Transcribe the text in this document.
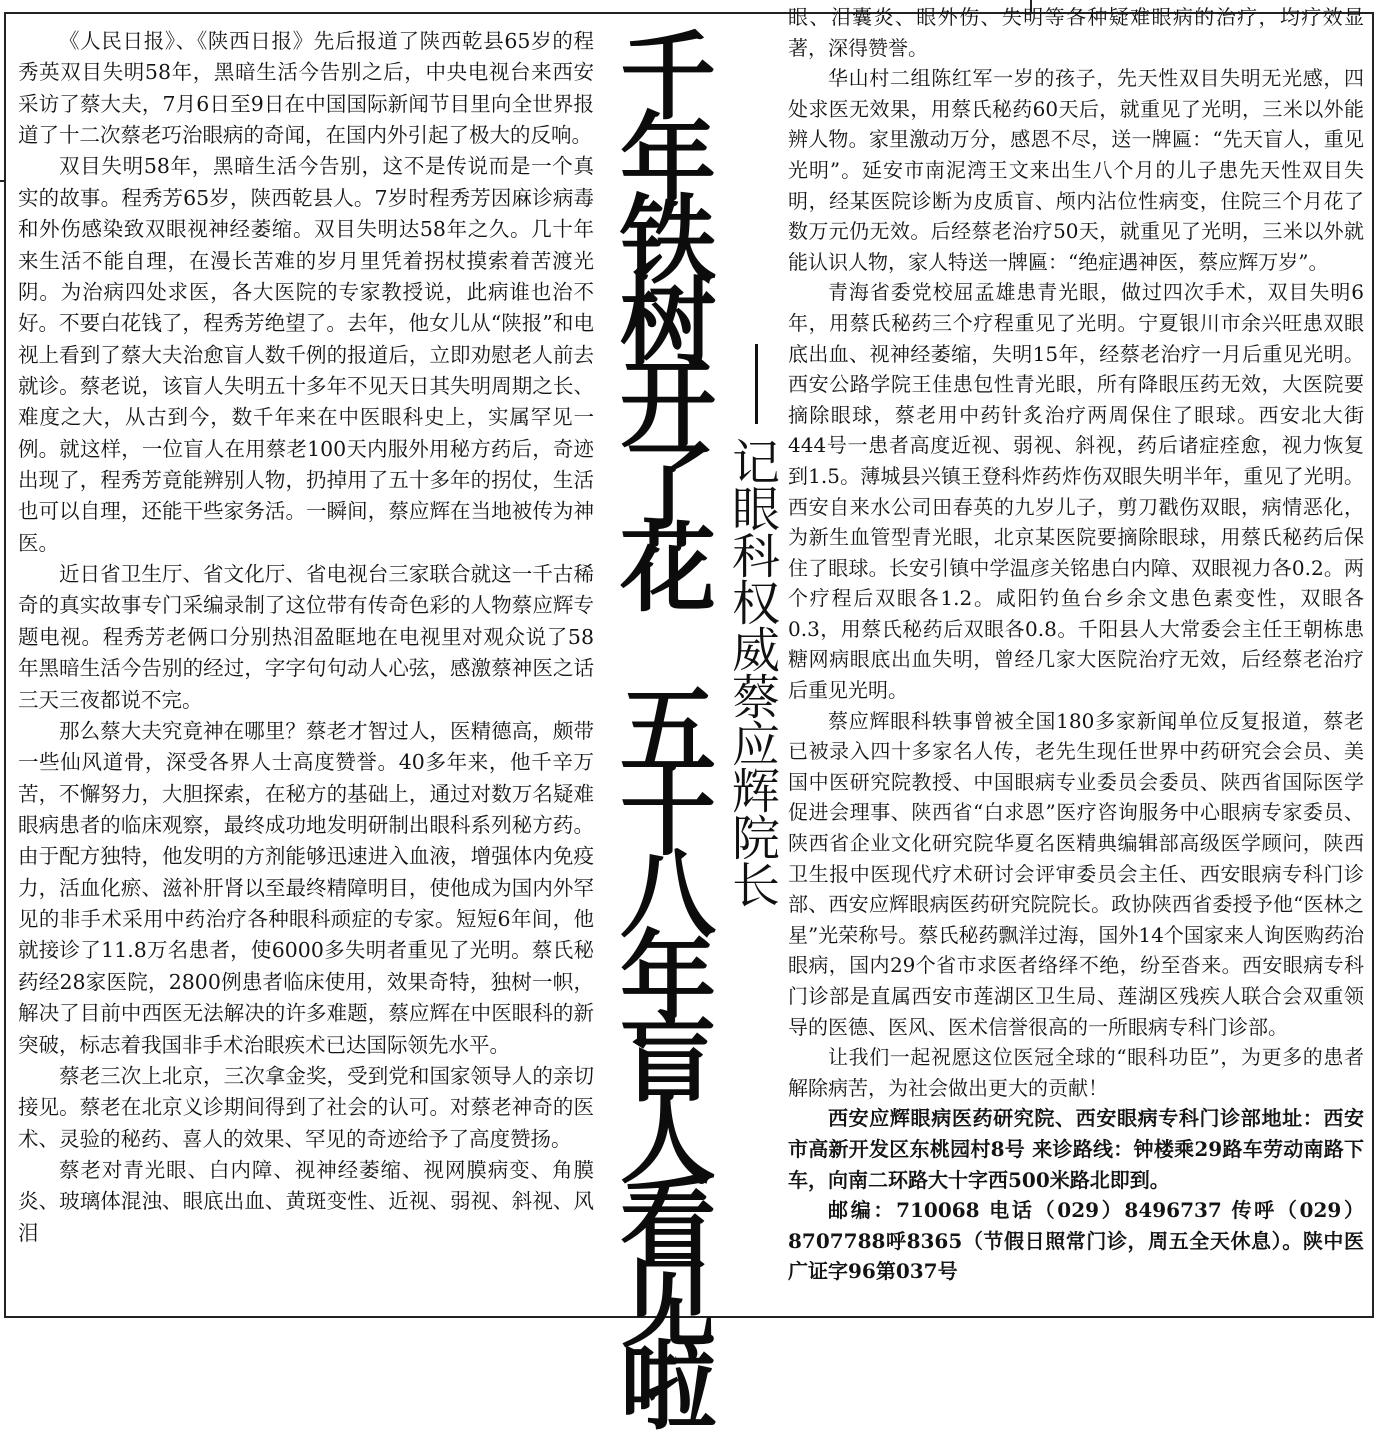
《人民日报》、《陕西日报》先后报道了陕西乾县65岁的程秀英双目失明58年，黑暗生活今告别之后，中央电视台来西安采访了蔡大夫，7月6日至9日在中国国际新闻节目里向全世界报道了十二次蔡老巧治眼病的奇闻，在国内外引起了极大的反响。

双目失明58年，黑暗生活今告别，这不是传说而是一个真实的故事。程秀芳65岁，陕西乾县人。7岁时程秀芳因麻诊病毒和外伤感染致双眼视神经萎缩。双目失明达58年之久。几十年来生活不能自理，在漫长苦难的岁月里凭着拐杖摸索着苦渡光阴。为治病四处求医，各大医院的专家教授说，此病谁也治不好。不要白花钱了，程秀芳绝望了。去年，他女儿从“陕报”和电视上看到了蔡大夫治愈盲人数千例的报道后，立即劝慰老人前去就诊。蔡老说，该盲人失明五十多年不见天日其失明周期之长、难度之大，从古到今，数千年来在中医眼科史上，实属罕见一例。就这样，一位盲人在用蔡老100天内服外用秘方药后，奇迹出现了，程秀芳竟能辨别人物，扔掉用了五十多年的拐仗，生活也可以自理，还能干些家务活。一瞬间，蔡应辉在当地被传为神医。

近日省卫生厅、省文化厅、省电视台三家联合就这一千古稀奇的真实故事专门采编录制了这位带有传奇色彩的人物蔡应辉专题电视。程秀芳老俩口分别热泪盈眶地在电视里对观众说了58年黑暗生活今告别的经过，字字句句动人心弦，感激蔡神医之话三天三夜都说不完。

那么蔡大夫究竟神在哪里？蔡老才智过人，医精德高，颇带一些仙风道骨，深受各界人士高度赞誉。40多年来，他千辛万苦，不懈努力，大胆探索，在秘方的基础上，通过对数万名疑难眼病患者的临床观察，最终成功地发明研制出眼科系列秘方药。由于配方独特，他发明的方剂能够迅速进入血液，增强体内免疫力，活血化瘀、滋补肝肾以至最终精障明目，使他成为国内外罕见的非手术采用中药治疗各种眼科顽症的专家。短短6年间，他就接诊了11.8万名患者，使6000多失明者重见了光明。蔡氏秘药经28家医院，2800例患者临床使用，效果奇特，独树一帜，解决了目前中西医无法解决的许多难题，蔡应辉在中医眼科的新突破，标志着我国非手术治眼疾术已达国际领先水平。

蔡老三次上北京，三次拿金奖，受到党和国家领导人的亲切接见。蔡老在北京义诊期间得到了社会的认可。对蔡老神奇的医术、灵验的秘药、喜人的效果、罕见的奇迹给予了高度赞扬。

蔡老对青光眼、白内障、视神经萎缩、视网膜病变、角膜炎、玻璃体混浊、眼底出血、黄斑变性、近视、弱视、斜视、风泪

千
年
铁
树
开
了
花
五
十
八
年
盲
人
看
见
啦
记
眼
科
权
威
蔡
应
辉
院
长

眼、泪囊炎、眼外伤、失明等各种疑难眼病的治疗，均疗效显著，深得赞誉。

华山村二组陈红军一岁的孩子，先天性双目失明无光感，四处求医无效果，用蔡氏秘药60天后，就重见了光明，三米以外能辨人物。家里激动万分，感恩不尽，送一牌匾：“先天盲人，重见光明”。延安市南泥湾王文来出生八个月的儿子患先天性双目失明，经某医院诊断为皮质盲、颅内沾位性病变，住院三个月花了数万元仍无效。后经蔡老治疗50天，就重见了光明，三米以外就能认识人物，家人特送一牌匾：“绝症遇神医，蔡应辉万岁”。

青海省委党校屈孟雄患青光眼，做过四次手术，双目失明6年，用蔡氏秘药三个疗程重见了光明。宁夏银川市余兴旺患双眼底出血、视神经萎缩，失明15年，经蔡老治疗一月后重见光明。西安公路学院王佳患包性青光眼，所有降眼压药无效，大医院要摘除眼球，蔡老用中药针炙治疗两周保住了眼球。西安北大街444号一患者高度近视、弱视、斜视，药后诸症痊愈，视力恢复到1.5。薄城县兴镇王登科炸药炸伤双眼失明半年，重见了光明。西安自来水公司田春英的九岁儿子，剪刀戳伤双眼，病情恶化，为新生血管型青光眼，北京某医院要摘除眼球，用蔡氏秘药后保住了眼球。长安引镇中学温彦关铭患白内障、双眼视力各0.2。两个疗程后双眼各1.2。咸阳钓鱼台乡余文患色素变性，双眼各0.3，用蔡氏秘药后双眼各0.8。千阳县人大常委会主任王朝栋患糖网病眼底出血失明，曾经几家大医院治疗无效，后经蔡老治疗后重见光明。

蔡应辉眼科轶事曾被全国180多家新闻单位反复报道，蔡老已被录入四十多家名人传，老先生现任世界中药研究会会员、美国中医研究院教授、中国眼病专业委员会委员、陕西省国际医学促进会理事、陕西省“白求恩”医疗咨询服务中心眼病专家委员、陕西省企业文化研究院华夏名医精典编辑部高级医学顾问，陕西卫生报中医现代疗术研讨会评审委员会主任、西安眼病专科门诊部、西安应辉眼病医药研究院院长。政协陕西省委授予他“医林之星”光荣称号。蔡氏秘药飘洋过海，国外14个国家来人询医购药治眼病，国内29个省市求医者络绎不绝，纷至沓来。西安眼病专科门诊部是直属西安市莲湖区卫生局、莲湖区残疾人联合会双重领导的医德、医风、医术信誉很高的一所眼病专科门诊部。

让我们一起祝愿这位医冠全球的“眼科功臣”，为更多的患者解除病苦，为社会做出更大的贡献！

西安应辉眼病医药研究院、西安眼病专科门诊部地址：西安市高新开发区东桃园村8号 来诊路线：钟楼乘29路车劳动南路下车，向南二环路大十字西500米路北即到。

邮编：710068 电话（029）8496737 传呼（029）8707788呼8365（节假日照常门诊，周五全天休息）。陕中医广证字96第037号
